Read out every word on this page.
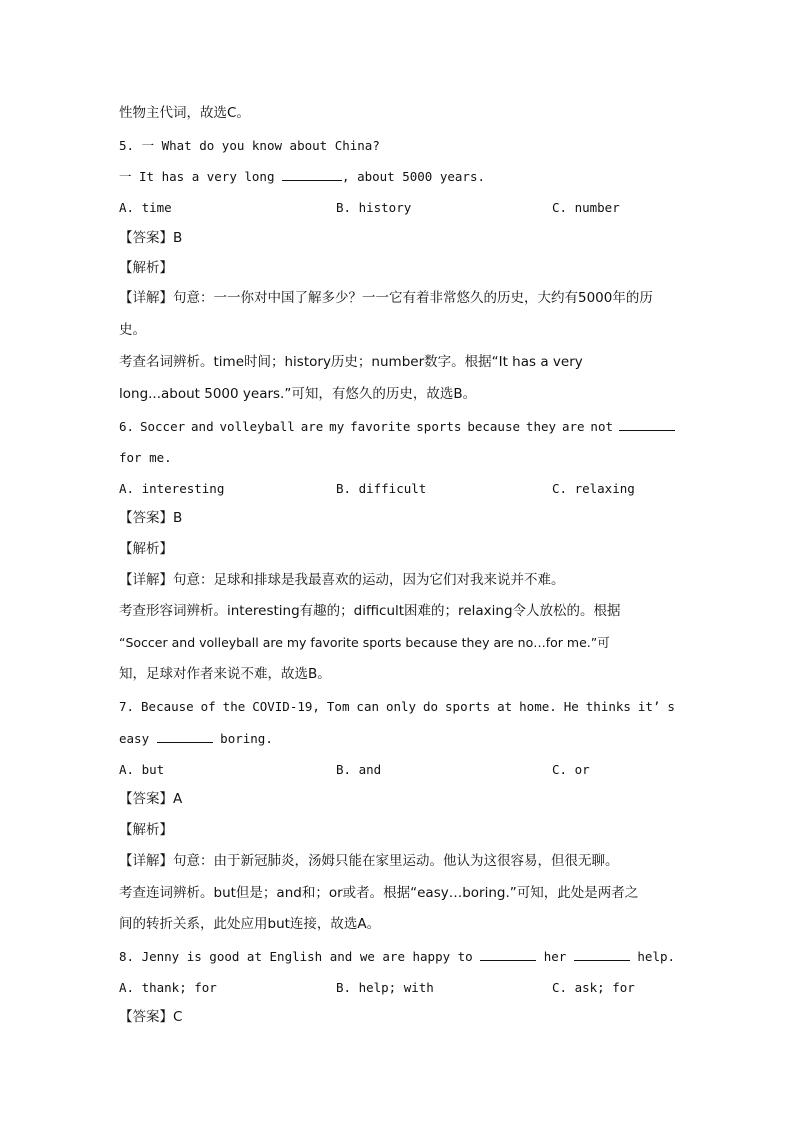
性物主代词，故选C。
5. 一 What do you know about China?
一 It has a very long	, about 5000 years.
A. time	B. history	C. number
【答案】B
【解析】
【详解】句意：一一你对中国了解多少？一一它有着非常悠久的历史，大约有5000年的历
史。
考查名词辨析。time时间；history历史；number数字。根据“It has a very
long...about 5000 years.”可知，有悠久的历史，故选B。
6. Soccer and volleyball are my favorite sports because they are not
for me.
A. interesting	B. difficult	C. relaxing
【答案】B
【解析】
【详解】句意：足球和排球是我最喜欢的运动，因为它们对我来说并不难。
考查形容词辨析。interesting有趣的；difficult困难的；relaxing令人放松的。根据
“Soccer and volleyball are my favorite sports because they are no…for me.”可
知，足球对作者来说不难，故选B。
7. Because of the COVID-19, Tom can only do sports at home. He thinks it’ s
easy	boring.
A. but	B. and	C. or
【答案】A
【解析】
【详解】句意：由于新冠肺炎，汤姆只能在家里运动。他认为这很容易，但很无聊。
考查连词辨析。but但是；and和；or或者。根据“easy…boring.”可知，此处是两者之
间的转折关系，此处应用but连接，故选A。
8. Jenny is good at English and we are happy to	her	help.
A. thank; for	B. help; with	C. ask; for
【答案】C
